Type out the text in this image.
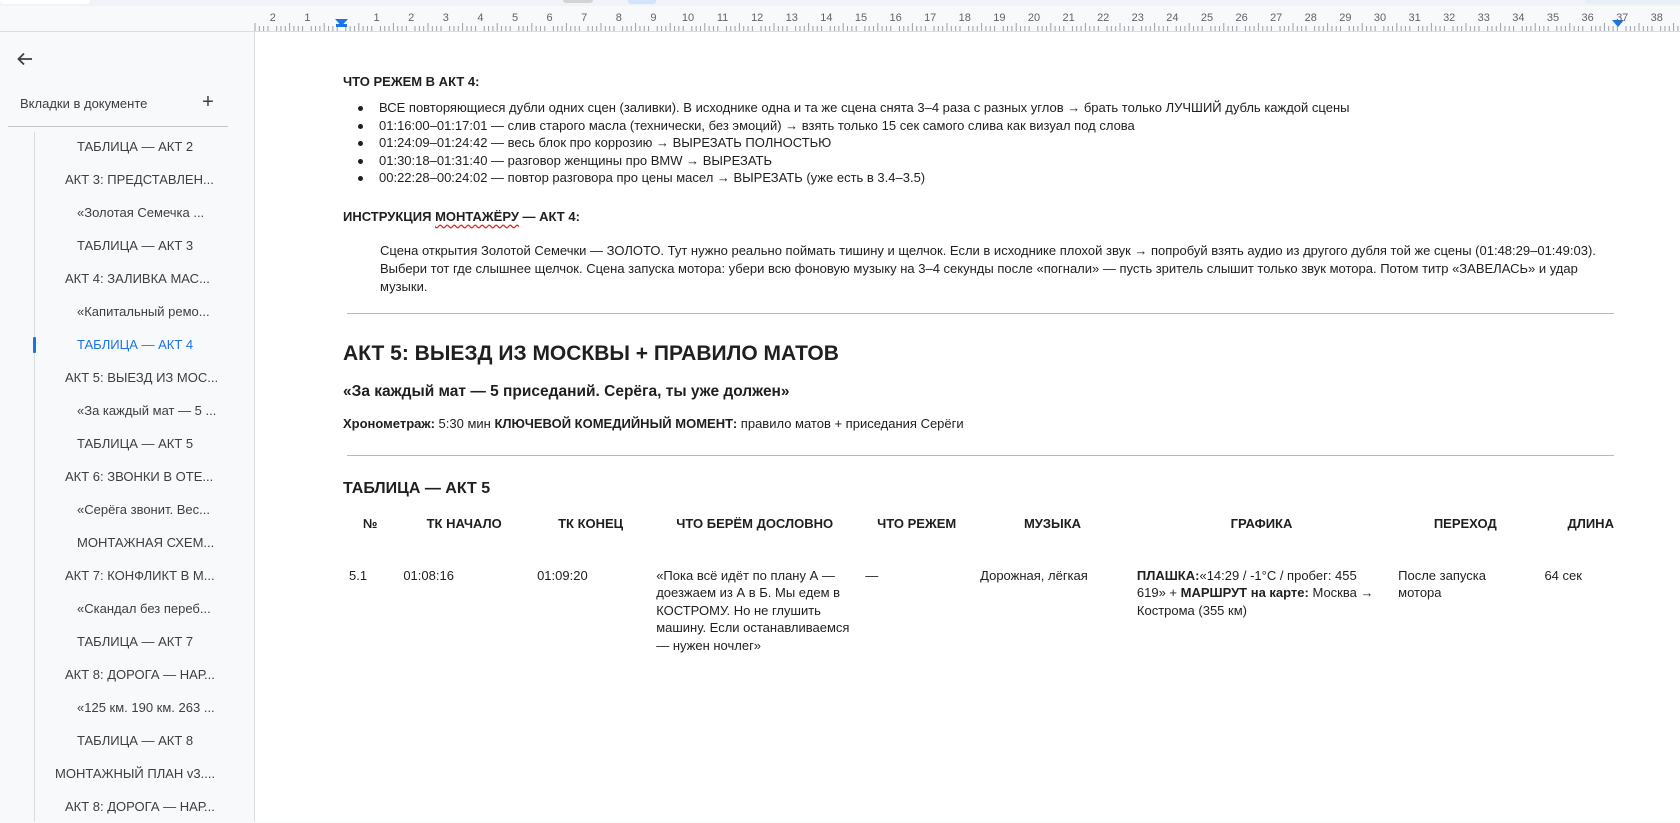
2	1	1	2	3	4	5	6	7	8	9 10 11 12 13 14 15 16 17 18 19 20 21 22 23 24 25 26 27 28 29 30 31 32 33 34 35 36 37 38
Вкладки в документе	+
ТАБЛИЦА — АКТ 2
АКТ 3: ПРЕДСТАВЛЕН...
«Золотая Семечка ...
ТАБЛИЦА — АКТ 3
АКТ 4: ЗАЛИВКА МАС...
«Капитальный ремо...
ТАБЛИЦА — АКТ 4
АКТ 5: ВЫЕЗД ИЗ МОС...
«За каждый мат — 5 ...
ТАБЛИЦА — АКТ 5
АКТ 6: ЗВОНКИ В ОТЕ...
«Серёга звонит. Вес...
МОНТАЖНАЯ СХЕМ...
АКТ 7: КОНФЛИКТ В М...
«Скандал без переб...
ТАБЛИЦА — АКТ 7
АКТ 8: ДОРОГА — НАР...
«125 км. 190 км. 263 ...
ТАБЛИЦА — АКТ 8
МОНТАЖНЫЙ ПЛАН v3....
АКТ 8: ДОРОГА — НАР...

ЧТО РЕЖЕМ В АКТ 4:

ВСЕ повторяющиеся дубли одних сцен (заливки). В исходнике одна и та же сцена снята 3–4 раза с разных углов → брать только ЛУЧШИЙ дубль каждой сцены
01:16:00–01:17:01 — слив старого масла (технически, без эмоций) → взять только 15 сек самого слива как визуал под слова
01:24:09–01:24:42 — весь блок про коррозию → ВЫРЕЗАТЬ ПОЛНОСТЬЮ
01:30:18–01:31:40 — разговор женщины про BMW → ВЫРЕЗАТЬ
00:22:28–00:24:02 — повтор разговора про цены масел → ВЫРЕЗАТЬ (уже есть в 3.4–3.5)

ИНСТРУКЦИЯ МОНТАЖЁРУ — АКТ 4:

Сцена открытия Золотой Семечки — ЗОЛОТО. Тут нужно реально поймать тишину и щелчок. Если в исходнике плохой звук → попробуй взять аудио из другого дубля той же сцены (01:48:29–01:49:03). Выбери тот где слышнее щелчок. Сцена запуска мотора: убери всю фоновую музыку на 3–4 секунды после «погнали» — пусть зритель слышит только звук мотора. Потом титр «ЗАВЕЛАСЬ» и удар музыки.

АКТ 5: ВЫЕЗД ИЗ МОСКВЫ + ПРАВИЛО МАТОВ
«За каждый мат — 5 приседаний. Серёга, ты уже должен»

Хронометраж: 5:30 мин КЛЮЧЕВОЙ КОМЕДИЙНЫЙ МОМЕНТ: правило матов + приседания Серёги

ТАБЛИЦА — АКТ 5

№	ТК НАЧАЛО	ТК КОНЕЦ	ЧТО БЕРЁМ ДОСЛОВНО	ЧТО РЕЖЕМ	МУЗЫКА	ГРАФИКА	ПЕРЕХОД	ДЛИНА
5.1	01:08:16	01:09:20	«Пока всё идёт по плану А — доезжаем из А в Б. Мы едем в КОСТРОМУ. Но не глушить машину. Если останавливаемся — нужен ночлег»	—	Дорожная, лёгкая	ПЛАШКА:«14:29 / -1°C / пробег: 455 619» + МАРШРУТ на карте: Москва → Кострома (355 км)	После запуска мотора	64 сек
